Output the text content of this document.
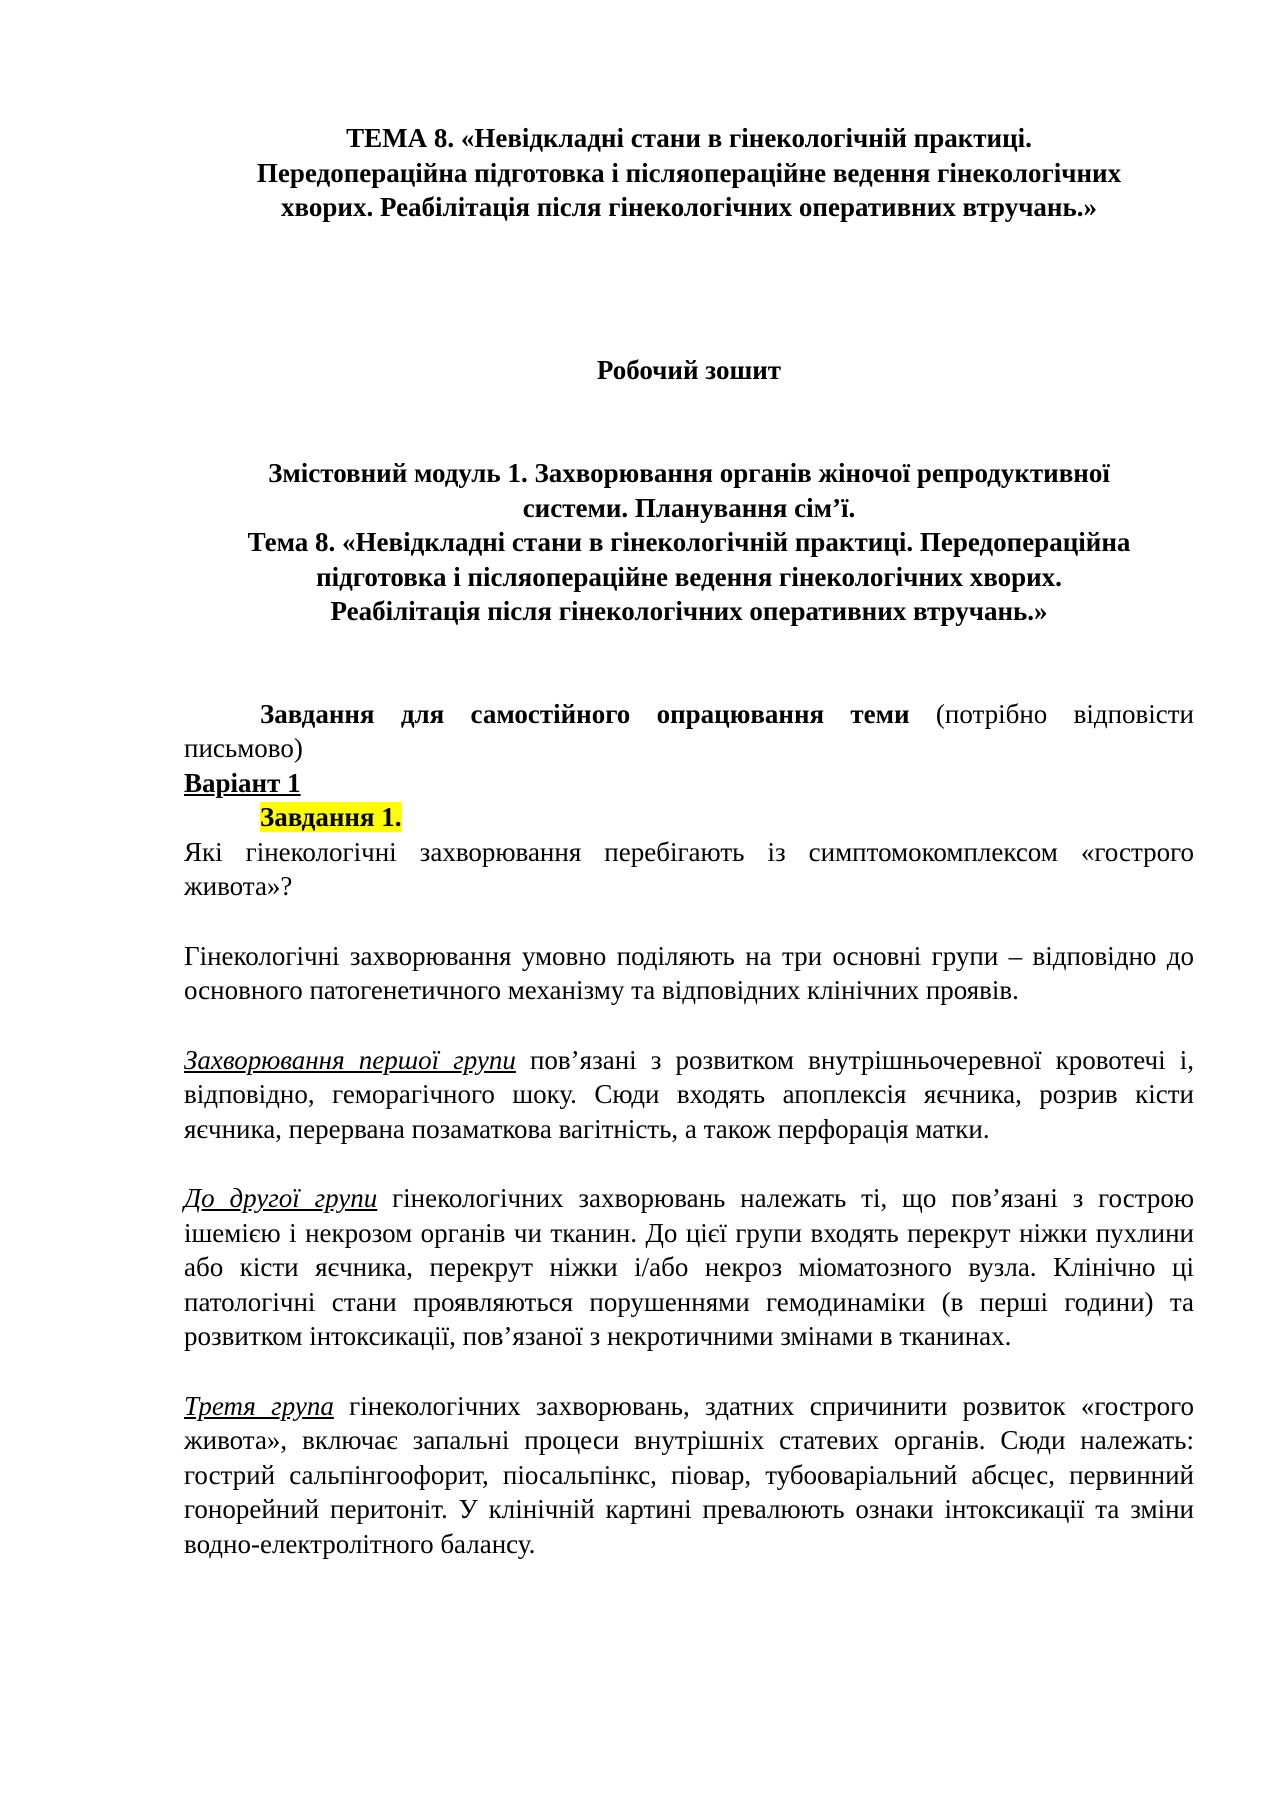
ТЕМА 8. «Невідкладні стани в гінекологічній практиці.
Передопераційна підготовка і післяопераційне ведення гінекологічних
хворих. Реабілітація після гінекологічних оперативних втручань.»
Робочий зошит
Змістовний модуль 1. Захворювання органів жіночої репродуктивної
системи. Планування сім’ї.
Тема 8. «Невідкладні стани в гінекологічній практиці. Передопераційна
підготовка і післяопераційне ведення гінекологічних хворих.
Реабілітація після гінекологічних оперативних втручань.»

Завдання для самостійного опрацювання теми (потрібно відповісти письмово)

Варіант 1

Завдання 1.

Які гінекологічні захворювання перебігають із симптомокомплексом «гострого живота»?

Гінекологічні захворювання умовно поділяють на три основні групи – відповідно до основного патогенетичного механізму та відповідних клінічних проявів.

Захворювання першої групи пов’язані з розвитком внутрішньочеревної кровотечі і, відповідно, геморагічного шоку. Сюди входять апоплексія яєчника, розрив кісти яєчника, перервана позаматкова вагітність, а також перфорація матки.

До другої групи гінекологічних захворювань належать ті, що пов’язані з гострою ішемією і некрозом органів чи тканин. До цієї групи входять перекрут ніжки пухлини або кісти яєчника, перекрут ніжки і/або некроз міоматозного вузла. Клінічно ці патологічні стани проявляються порушеннями гемодинаміки (в перші години) та розвитком інтоксикації, пов’язаної з некротичними змінами в тканинах.

Третя група гінекологічних захворювань, здатних спричинити розвиток «гострого живота», включає запальні процеси внутрішніх статевих органів. Сюди належать: гострий сальпінгоофорит, піосальпінкс, піовар, тубооваріальний абсцес, первинний гонорейний перитоніт. У клінічній картині превалюють ознаки інтоксикації та зміни водно-електролітного балансу.
